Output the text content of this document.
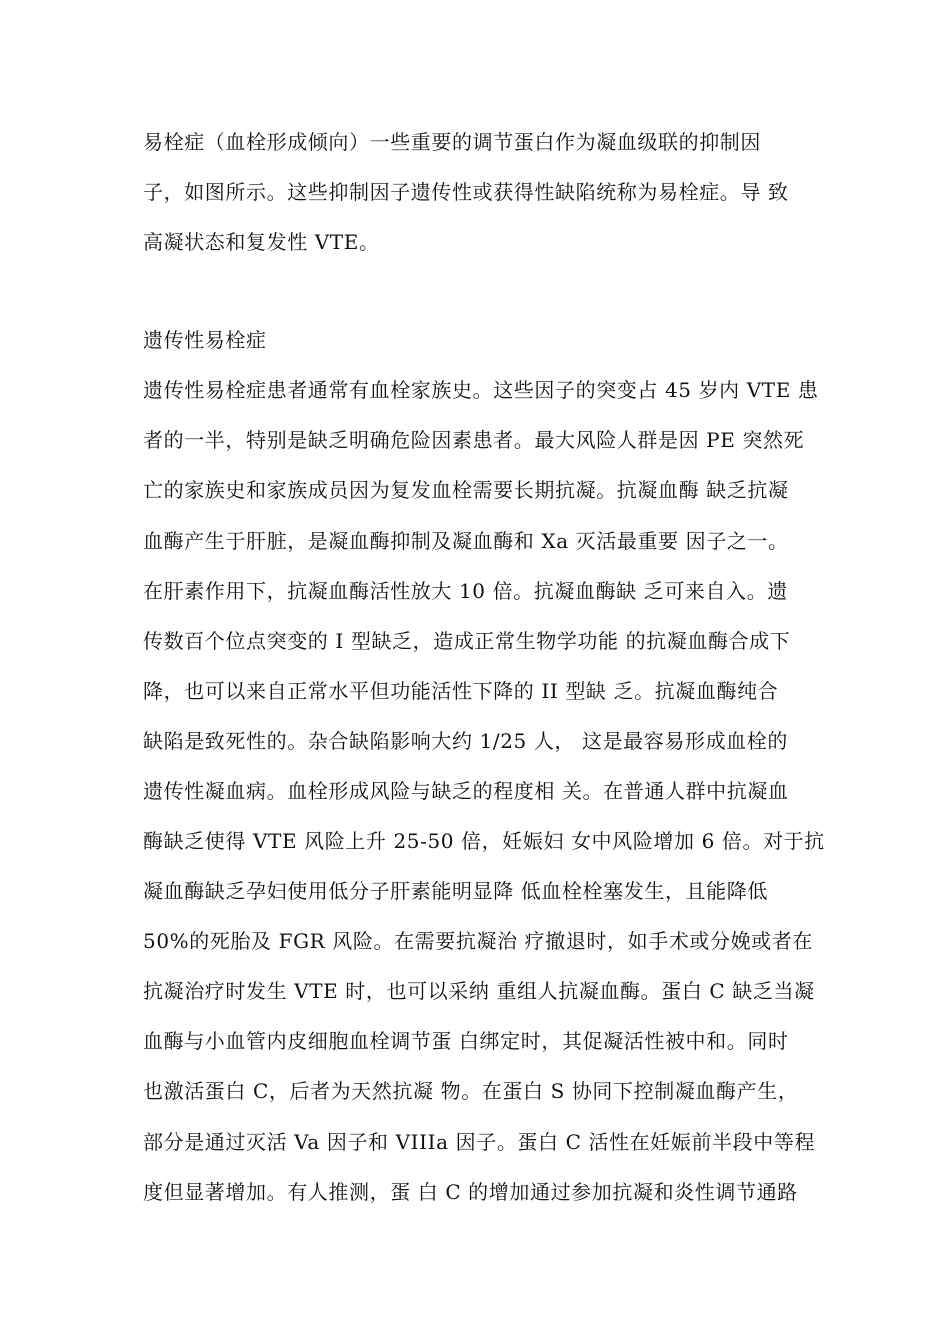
易栓症（血栓形成倾向）一些重要的调节蛋白作为凝血级联的抑制因
子，如图所示。这些抑制因子遗传性或获得性缺陷统称为易栓症。导 致
高凝状态和复发性 VTE。
遗传性易栓症
遗传性易栓症患者通常有血栓家族史。这些因子的突变占 45 岁内 VTE 患
者的一半，特别是缺乏明确危险因素患者。最大风险人群是因 PE 突然死
亡的家族史和家族成员因为复发血栓需要长期抗凝。抗凝血酶 缺乏抗凝
血酶产生于肝脏，是凝血酶抑制及凝血酶和 Xa 灭活最重要 因子之一。
在肝素作用下，抗凝血酶活性放大 10 倍。抗凝血酶缺 乏可来自入。遗
传数百个位点突变的 I 型缺乏，造成正常生物学功能 的抗凝血酶合成下
降，也可以来自正常水平但功能活性下降的 II 型缺 乏。抗凝血酶纯合
缺陷是致死性的。杂合缺陷影响大约 1/25 人， 这是最容易形成血栓的
遗传性凝血病。血栓形成风险与缺乏的程度相 关。在普通人群中抗凝血
酶缺乏使得 VTE 风险上升 25-50 倍，妊娠妇 女中风险增加 6 倍。对于抗
凝血酶缺乏孕妇使用低分子肝素能明显降 低血栓栓塞发生，且能降低
50%的死胎及 FGR 风险。在需要抗凝治 疗撤退时，如手术或分娩或者在
抗凝治疗时发生 VTE 时，也可以采纳 重组人抗凝血酶。蛋白 C 缺乏当凝
血酶与小血管内皮细胞血栓调节蛋 白绑定时，其促凝活性被中和。同时
也激活蛋白 C，后者为天然抗凝 物。在蛋白 S 协同下控制凝血酶产生，
部分是通过灭活 Va 因子和 VIIIa 因子。蛋白 C 活性在妊娠前半段中等程
度但显著增加。有人推测，蛋 白 C 的增加通过参加抗凝和炎性调节通路
